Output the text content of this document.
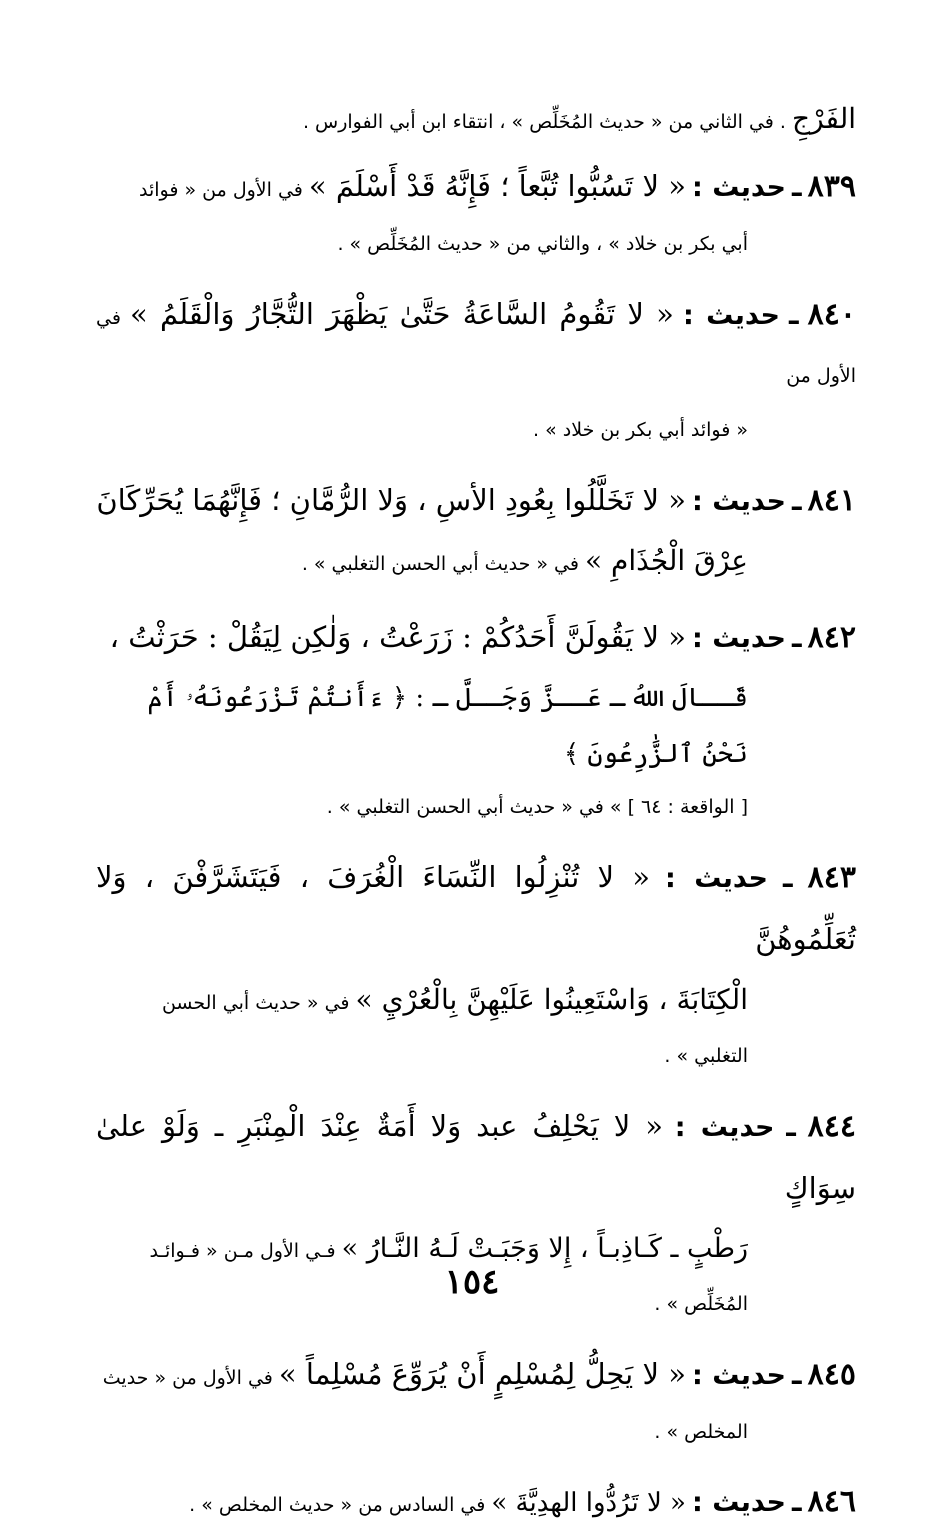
الفَرْجِ . في الثاني من « حديث المُخَلِّص » ، انتقاء ابن أبي الفوارس .
٨٣٩ ـ حديث : « لا تَسُبُّوا تُبَّعاً ؛ فَإِنَّهُ قَدْ أَسْلَمَ » في الأول من « فوائد
أبي بكر بن خلاد » ، والثاني من « حديث المُخَلِّص » .
٨٤٠ ـ حديث : « لا تَقُومُ السَّاعَةُ حَتَّىٰ يَظْهَرَ التُّجَّارُ وَالْقَلَمُ » في الأول من
« فوائد أبي بكر بن خلاد » .
٨٤١ ـ حديث : « لا تَخَلَّلُوا بِعُودِ الأسِ ، وَلا الرُّمَّانِ ؛ فَإِنَّهُمَا يُحَرِّكَانَ
عِرْقَ الْجُذَامِ » في « حديث أبي الحسن التغلبي » .
٨٤٢ ـ حديث : « لا يَقُولَنَّ أَحَدُكُمْ : زَرَعْتُ ، وَلٰكِن لِيَقُلْ : حَرَثْتُ ،
قَــالَ اللهُ ـ عَــزَّ وَجَــلَّ ـ : ﴿ ءَأَنتُمْ تَزْرَعُونَهُۥ أَمْ نَحْنُ ٱلزَّٰرِعُونَ ﴾
[ الواقعة : ٦٤ ] » في « حديث أبي الحسن التغلبي » .
٨٤٣ ـ حديث : « لا تُنْزِلُوا النِّسَاءَ الْغُرَفَ ، فَيَتَشَرَّفْنَ ، وَلا تُعَلِّمُوهُنَّ
الْكِتَابَةَ ، وَاسْتَعِينُوا عَلَيْهِنَّ بِالْعُرْيِ » في « حديث أبي الحسن
التغلبي » .
٨٤٤ ـ حديث : « لا يَحْلِفُ عبد وَلا أَمَةٌ عِنْدَ الْمِنْبَرِ ـ وَلَوْ علىٰ سِوَاكٍ
رَطْبٍ ـ كَـاذِبـاً ، إِلا وَجَبَـتْ لَـهُ النَّـارُ » فـي الأول مـن « فـوائـد
المُخَلِّص » .
٨٤٥ ـ حديث : « لا يَحِلُّ لِمُسْلِمٍ أَنْ يُرَوِّعَ مُسْلِماً » في الأول من « حديث
المخلص » .
٨٤٦ ـ حديث : « لا تَرُدُّوا الهدِيَّةَ » في السادس من « حديث المخلص » .
١٥٤
